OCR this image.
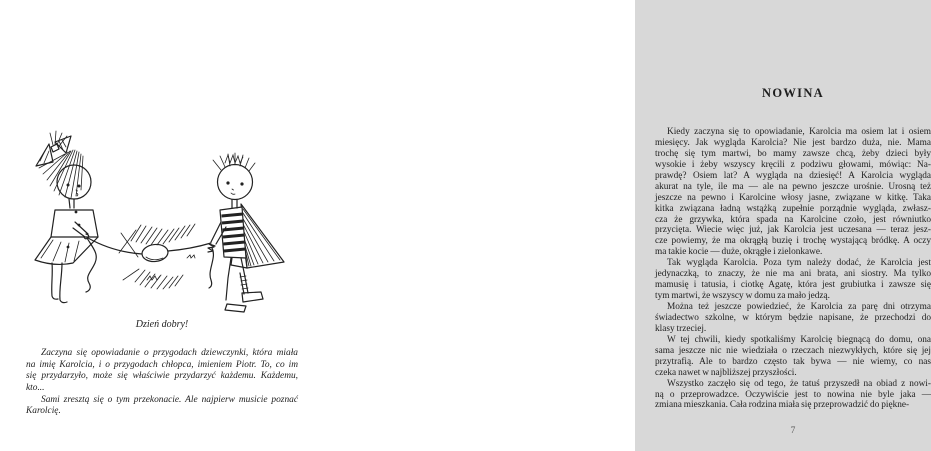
Dzień dobry!
Zaczyna się opowiadanie o przygodach dziewczynki, która miała
na imię Karolcia, i o przygodach chłopca, imieniem Piotr. To, co im
się przydarzyło, może się właściwie przydarzyć każdemu. Każdemu,
kto...
Sami zresztą się o tym przekonacie. Ale najpierw musicie poznać
Karolcię.
NOWINA
Kiedy zaczyna się to opowiadanie, Karolcia ma osiem lat i osiem
miesięcy. Jak wygląda Karolcia? Nie jest bardzo duża, nie. Mama
trochę się tym martwi, bo mamy zawsze chcą, żeby dzieci były
wysokie i żeby wszyscy kręcili z podziwu głowami, mówiąc: Na-
prawdę? Osiem lat? A wygląda na dziesięć! A Karolcia wygląda
akurat na tyle, ile ma — ale na pewno jeszcze urośnie. Urosną też
jeszcze na pewno i Karolcine włosy jasne, związane w kitkę. Taka
kitka związana ładną wstążką zupełnie porządnie wygląda, zwłasz-
cza że grzywka, która spada na Karolcine czoło, jest równiutko
przycięta. Wiecie więc już, jak Karolcia jest uczesana — teraz jesz-
cze powiemy, że ma okrągłą buzię i trochę wystającą bródkę. A oczy
ma takie kocie — duże, okrągłe i zielonkawe.
Tak wygląda Karolcia. Poza tym należy dodać, że Karolcia jest
jedynaczką, to znaczy, że nie ma ani brata, ani siostry. Ma tylko
mamusię i tatusia, i ciotkę Agatę, która jest grubiutka i zawsze się
tym martwi, że wszyscy w domu za mało jedzą.
Można też jeszcze powiedzieć, że Karolcia za parę dni otrzyma
świadectwo szkolne, w którym będzie napisane, że przechodzi do
klasy trzeciej.
W tej chwili, kiedy spotkaliśmy Karolcię biegnącą do domu, ona
sama jeszcze nic nie wiedziała o rzeczach niezwykłych, które się jej
przytrafią. Ale to bardzo często tak bywa — nie wiemy, co nas
czeka nawet w najbliższej przyszłości.
Wszystko zaczęło się od tego, że tatuś przyszedł na obiad z nowi-
ną o przeprowadzce. Oczywiście jest to nowina nie byle jaka —
zmiana mieszkania. Cała rodzina miała się przeprowadzić do piękne-
7
